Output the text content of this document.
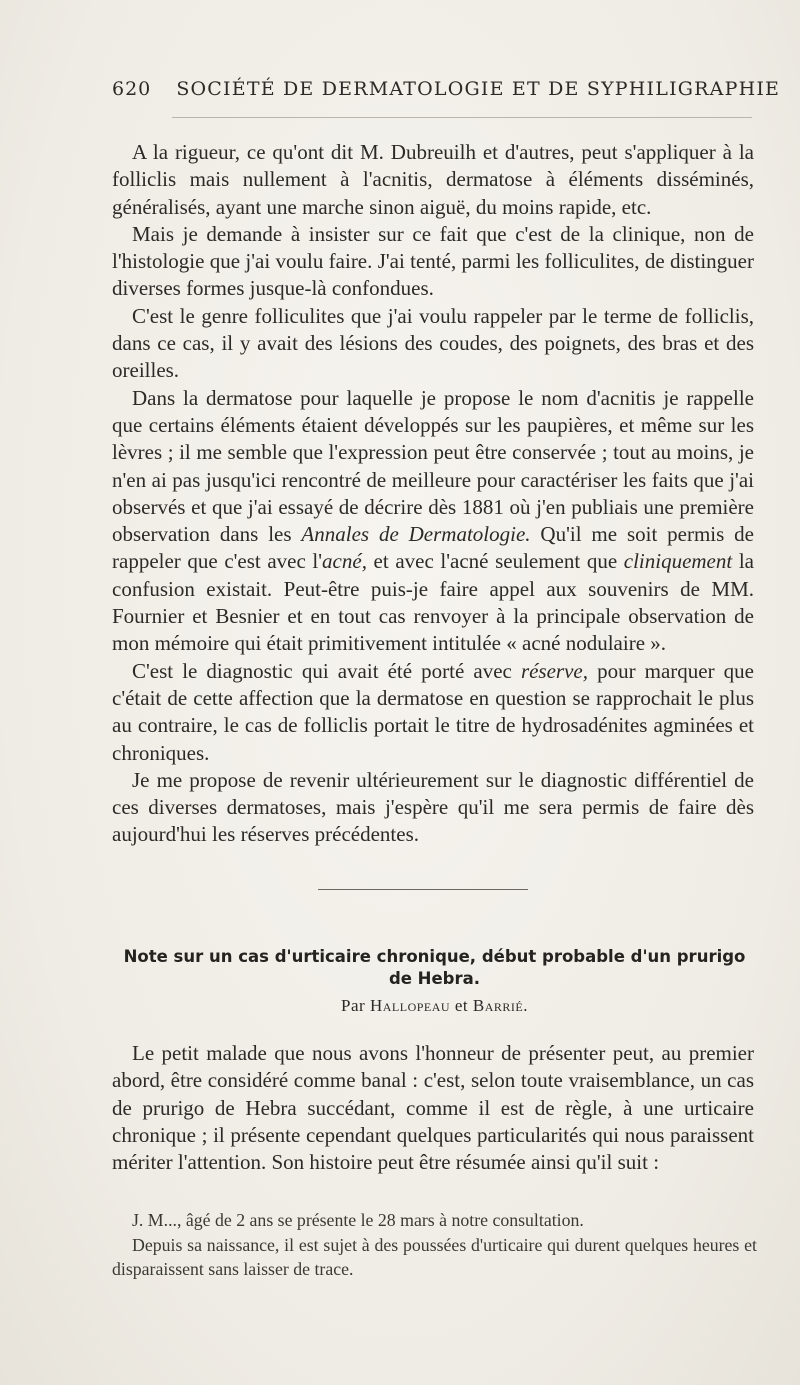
620 SOCIÉTÉ DE DERMATOLOGIE ET DE SYPHILIGRAPHIE

A la rigueur, ce qu'ont dit M. Dubreuilh et d'autres, peut s'appliquer à la folliclis mais nullement à l'acnitis, dermatose à éléments disséminés, généralisés, ayant une marche sinon aiguë, du moins rapide, etc.

Mais je demande à insister sur ce fait que c'est de la clinique, non de l'histologie que j'ai voulu faire. J'ai tenté, parmi les folliculites, de distinguer diverses formes jusque-là confondues.

C'est le genre folliculites que j'ai voulu rappeler par le terme de folliclis, dans ce cas, il y avait des lésions des coudes, des poignets, des bras et des oreilles.

Dans la dermatose pour laquelle je propose le nom d'acnitis je rappelle que certains éléments étaient développés sur les paupières, et même sur les lèvres ; il me semble que l'expression peut être conservée ; tout au moins, je n'en ai pas jusqu'ici rencontré de meilleure pour caractériser les faits que j'ai observés et que j'ai essayé de décrire dès 1881 où j'en publiais une première observation dans les Annales de Dermatologie. Qu'il me soit permis de rappeler que c'est avec l'acné, et avec l'acné seulement que cliniquement la confusion existait. Peut-être puis-je faire appel aux souvenirs de MM. Fournier et Besnier et en tout cas renvoyer à la principale observation de mon mémoire qui était primitivement intitulée « acné nodulaire ».

C'est le diagnostic qui avait été porté avec réserve, pour marquer que c'était de cette affection que la dermatose en question se rapprochait le plus au contraire, le cas de folliclis portait le titre de hydrosadénites agminées et chroniques.

Je me propose de revenir ultérieurement sur le diagnostic différentiel de ces diverses dermatoses, mais j'espère qu'il me sera permis de faire dès aujourd'hui les réserves précédentes.

Note sur un cas d'urticaire chronique, début probable d'un prurigo de Hebra.
Par Hallopeau et Barrié.

Le petit malade que nous avons l'honneur de présenter peut, au premier abord, être considéré comme banal : c'est, selon toute vraisemblance, un cas de prurigo de Hebra succédant, comme il est de règle, à une urticaire chronique ; il présente cependant quelques particularités qui nous paraissent mériter l'attention. Son histoire peut être résumée ainsi qu'il suit :

J. M..., âgé de 2 ans se présente le 28 mars à notre consultation.

Depuis sa naissance, il est sujet à des poussées d'urticaire qui durent quelques heures et disparaissent sans laisser de trace.
